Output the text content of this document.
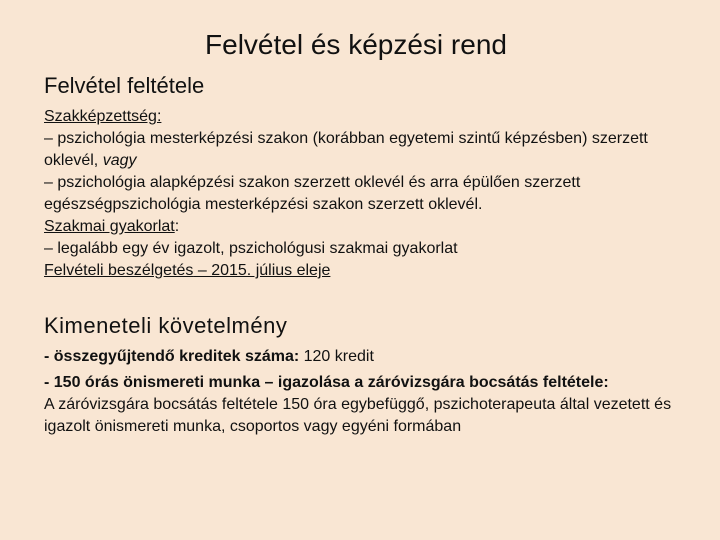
Felvétel és képzési rend
Felvétel feltétele

Szakképzettség:

– pszichológia mesterképzési szakon (korábban egyetemi szintű képzésben) szerzett oklevél, vagy

– pszichológia alapképzési szakon szerzett oklevél és arra épülően szerzett egészségpszichológia mesterképzési szakon szerzett oklevél.

Szakmai gyakorlat:

– legalább egy év igazolt, pszichológusi szakmai gyakorlat

Felvételi beszélgetés – 2015. július eleje

Kimeneteli követelmény

- összegyűjtendő kreditek száma: 120 kredit

- 150 órás önismereti munka – igazolása a záróvizsgára bocsátás feltétele:

A záróvizsgára bocsátás feltétele 150 óra egybefüggő, pszichoterapeuta által vezetett és igazolt önismereti munka, csoportos vagy egyéni formában
